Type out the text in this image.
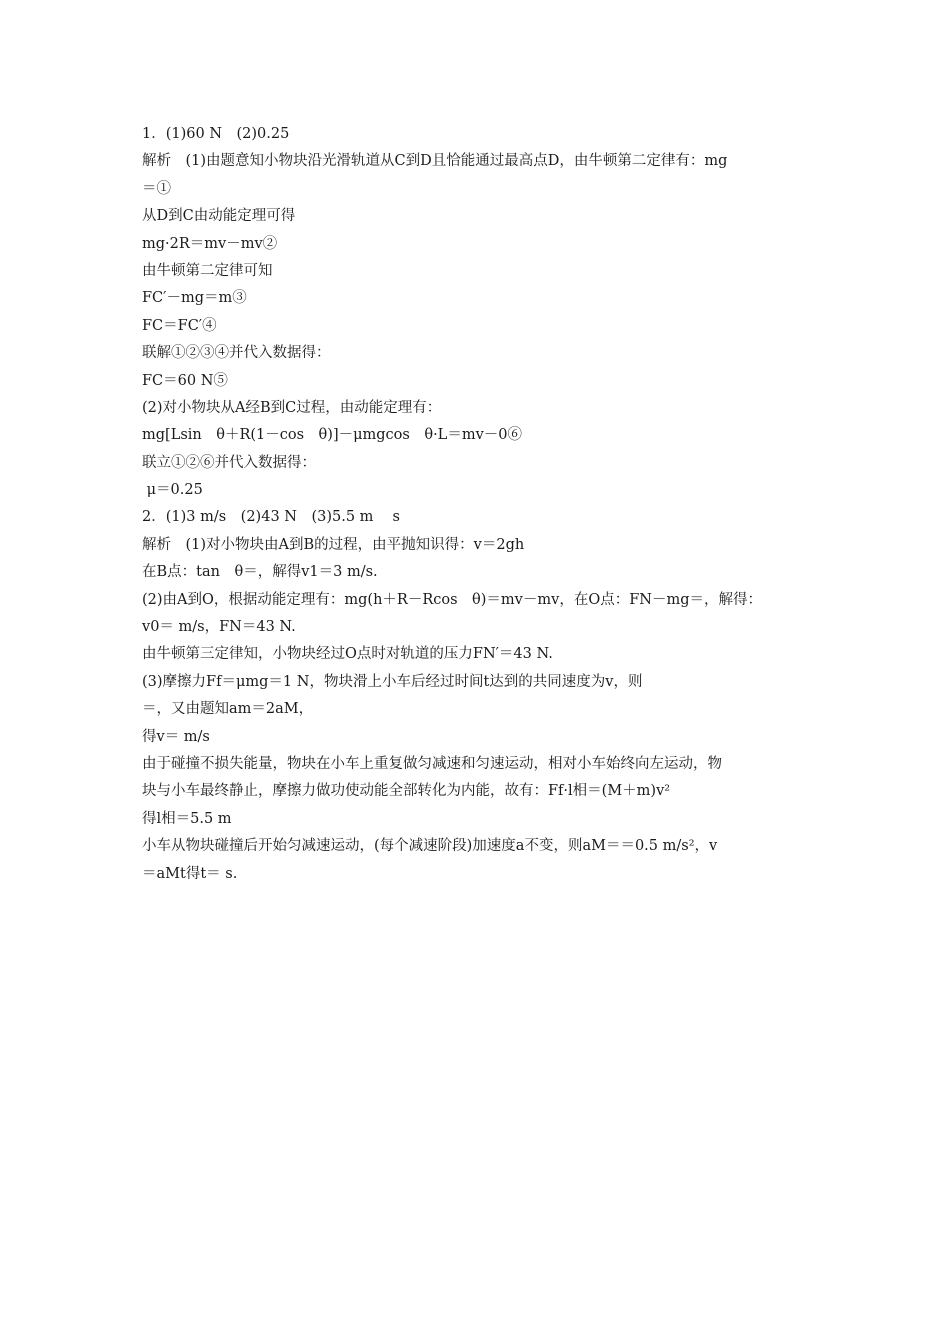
1．(1)60 N　(2)0.25
解析　(1)由题意知小物块沿光滑轨道从C到D且恰能通过最高点D，由牛顿第二定律有：mg
＝①
从D到C由动能定理可得
mg·2R＝mv－mv②
由牛顿第二定律可知
FC′－mg＝m③
FC＝FC′④
联解①②③④并代入数据得：
FC＝60 N⑤
(2)对小物块从A经B到C过程，由动能定理有：
mg[Lsin　θ＋R(1－cos　θ)]－μmgcos　θ·L＝mv－0⑥
联立①②⑥并代入数据得：
μ＝0.25
2．(1)3 m/s　(2)43 N　(3)5.5 m　 s
解析　(1)对小物块由A到B的过程，由平抛知识得：v＝2gh
在B点：tan　θ＝，解得v1＝3 m/s.
(2)由A到O，根据动能定理有：mg(h＋R－Rcos　θ)＝mv－mv，在O点：FN－mg＝，解得：
v0＝ m/s，FN＝43 N.
由牛顿第三定律知，小物块经过O点时对轨道的压力FN′＝43 N.
(3)摩擦力Ff＝μmg＝1 N，物块滑上小车后经过时间t达到的共同速度为v，则
＝，又由题知am＝2aM，
得v＝ m/s
由于碰撞不损失能量，物块在小车上重复做匀减速和匀速运动，相对小车始终向左运动，物
块与小车最终静止，摩擦力做功使动能全部转化为内能，故有：Ff·l相＝(M＋m)v²
得l相＝5.5 m
小车从物块碰撞后开始匀减速运动，(每个减速阶段)加速度a不变，则aM＝＝0.5 m/s²，v
＝aMt得t＝ s.
